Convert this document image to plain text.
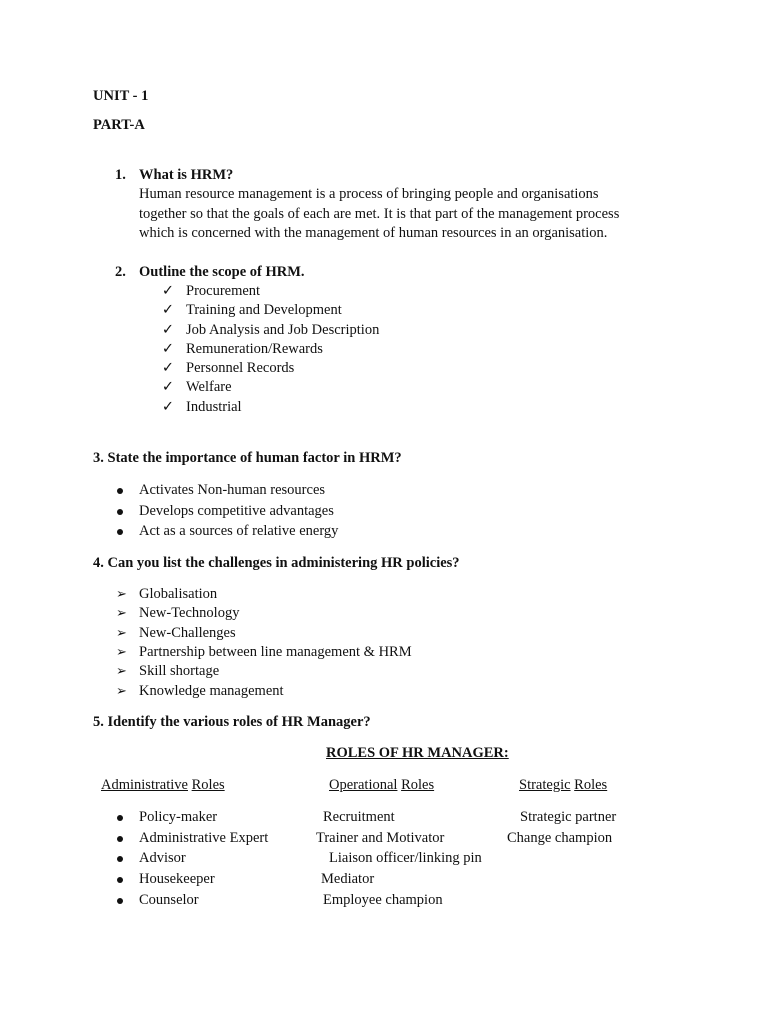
UNIT - 1
PART-A
1. What is HRM?
Human resource management is a process of bringing people and organisations
together so that the goals of each are met. It is that part of the management process
which is concerned with the management of human resources in an organisation.
2. Outline the scope of HRM.
✓ Procurement
✓ Training and Development
✓ Job Analysis and Job Description
✓ Remuneration/Rewards
✓ Personnel Records
✓ Welfare
✓ Industrial
3. State the importance of human factor in HRM?
Activates Non-human resources
Develops competitive advantages
Act as a sources of relative energy
4. Can you list the challenges in administering HR policies?
➢ Globalisation
➢ New-Technology
➢ New-Challenges
➢ Partnership between line management & HRM
➢ Skill shortage
➢ Knowledge management
5. Identify the various roles of HR Manager?
ROLES OF HR MANAGER:
Administrative Roles	Operational Roles	Strategic Roles
Policy-maker	Recruitment	Strategic partner
Administrative Expert	Trainer and Motivator	Change champion
Advisor	Liaison officer/linking pin
Housekeeper	Mediator
Counselor	Employee champion
